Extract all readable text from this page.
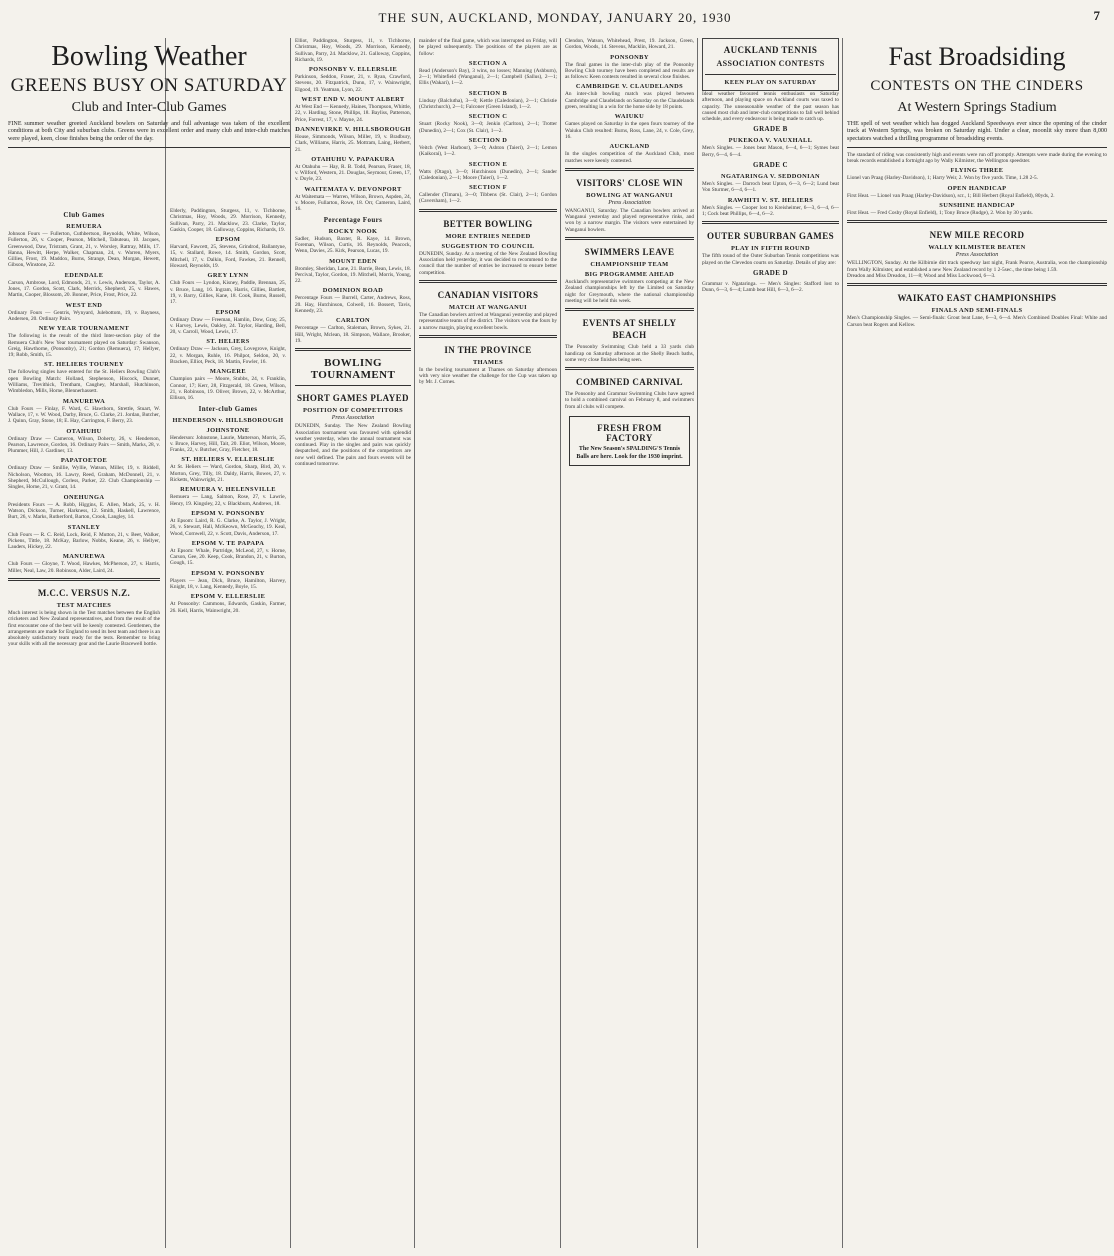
THE SUN, AUCKLAND, MONDAY, JANUARY 20, 1930	7
Bowling Weather
GREENS BUSY ON SATURDAY
Club and Inter-Club Games
FINE summer weather greeted Auckland bowlers on Saturday and full advantage was taken of the excellent conditions at both City and suburban clubs. Greens were in excellent order and many club and inter-club matches were played, keen, close finishes being the order of the day.
Club Games
REMUERA

Johnson Fours — Fullerton, Cuthbertson, Reynolds, White, Wilson, Fullerton, 26, v. Cooper, Pearson, Mitchell, Tabuteau, 10. Jacques, Greenwood, Daw, Tristram, Grant, 21, v. Worsley, Rattray, Mills, 17. Hanna, Hewitt, Herpe, Walker, Chapman, 24, v. Warren, Myers, Gillies, Frost, 19. Maddox, Burns, Strange, Dean, Morgan, Hewett, Gibson, Winstone, 22.

EDENDALE

Carson, Ambrose, Lord, Edmonds, 21, v. Lewis, Anderson, Taylor, A. Jones, 17. Gordon, Scott, Clark, Merrick, Shepherd, 25, v. Hawes, Martin, Cooper, Blossom, 20. Bonner, Price, Frost, Price, 22.

WEST END

Ordinary Fours — Gentris, Wynyard, Julebottom, 19, v. Bayness, Andersen, 20. Ordinary Pairs.

NEW YEAR TOURNAMENT

The following is the result of the third Inter-section play of the Remuera Club's New Year tournament played on Saturday: Swanson, Greig, Hawthorne, (Ponsonby), 21; Gordon (Remuera), 17; Hellyer, 19; Robb, Smith, 15.

ST. HELIERS TOURNEY

The following singles have entered for the St. Heliers Bowling Club's open Bowling Match: Holland, Stephenson, Hiscock, Dunnet, Williams, Trevithick, Trentham, Caughey, Marshall, Hutchinson, Wimbledon, Mills, Horne, Blennerhassett.

MANUREWA

Club Fours — Finlay, F. Ward, C. Hawthorn, Strettle, Stuart, W. Wallace, 17, v. W. Wood, Darby, Bruce, G. Clarke, 21. Jordan, Butcher, J. Quinn, Gray, Stone, 18; E. Hay, Carrington, F. Berry, 23.

OTAHUHU

Ordinary Draw — Cameron, Wilson, Doherty, 26, v. Henderson, Pearson, Lawrence, Gordon, 16. Ordinary Pairs — Smith, Marks, 28, v. Plummer, Hill, J. Gardiner, 13.

PAPATOETOE

Ordinary Draw — Smillie, Wyllie, Watson, Miller, 19, v. Riddell, Nicholson, Wootton, 16. Lawry, Reed, Graham, McDonnell, 21, v. Shepherd, McCullough, Corless, Parker, 22. Club Championship — Singles, Horne, 21, v. Grant, 14.

ONEHUNGA

Presidents Fours — A. Robb, Higgins, E. Allen, Mack, 25, v. H. Watson, Dickson, Turner, Harkness, 12. Smith, Haskell, Lawrence, Burt, 26, v. Marks, Rutherford, Barton, Crook, Langley, 14.

STANLEY

Club Fours — R. C. Reid, Lock, Reid, F. Mutton, 21, v. Beet, Walker, Pickens, Tittle, 18. McKay, Barlow, Nobbs, Keane, 26, v. Hellyer, Lauders, Hickey, 22.

MANUREWA

Club Fours — Gloyne, T. Wood, Hawkes, McPherson, 27, v. Harris, Miller, Neal, Law, 20. Robinson, Alder, Laird, 24.

M.C.C. VERSUS N.Z.
TEST MATCHES

Much interest is being shown in the Test matches between the English cricketers and New Zealand representatives, and from the result of the first encounter one of the best will be keenly contested. Gentlemen, the arrangements are made for England to send its best team and there is an absolutely satisfactory team ready for the tests. Remember to bring your skills with all the necessary gear and the Laurie Bracewell bottle.

Elderly, Paddington, Sturgess, 11, v. Tichborne, Christmas, Hoy, Woods, 29. Morrison, Kennedy, Sullivan, Parry, 21. Macklow, 23. Clarke, Taylor, Gaskin, Cooper, 18. Galloway, Coppins, Richards, 19.

EPSOM

Harvard, Fawcett, 25, Stevens, Grindrod, Ballantyne, 15, v. Stallard, Rowe, 14. Smith, Gordon, Scott, Mitchell, 17, v. Dalkin, Ford, Fawkes, 21. Rennell, Howard, Reynolds, 19.

GREY LYNN

Club Fours — Lyndon, Kisney, Paddle, Brennan, 25, v. Bruce, Lang, 16. Ingram, Harris, Gillies, Bartlett, 19, v. Barry, Gillies, Kane, 18. Cook, Burns, Russell, 17.

EPSOM

Ordinary Draw — Freeman, Hamlin, Dow, Gray, 25, v. Harvey, Lewis, Oakley, 24. Taylor, Harding, Bell, 20, v. Carroll, Wood, Lewis, 17.

ST. HELIERS

Ordinary Draw — Jackson, Grey, Lovegrove, Knight, 22, v. Morgan, Ruhle, 16. Philpot, Seldon, 20, v. Bracken, Elliot, Peck, 18. Martin, Fowler, 16.

MANGERE

Champion pairs — Moore, Stubbs, 24, v. Franklin, Connor, 17; Kerr, 28, Fitzgerald, 18. Green, Wilson, 21, v. Robinson, 19. Oliver, Brown, 22, v. McArthur, Ellison, 16.

Inter-club Games
HENDERSON v. HILLSBOROUGH
JOHNSTONE

Henderson: Johnstone, Laurie, Matterson, Morris, 25, v. Bruce, Harvey, Hill, Tait, 20. Eliot, Wilson, Moore, Franks, 22, v. Butcher, Gray, Fletcher, 18.

ST. HELIERS V. ELLERSLIE

At St. Heliers — Ward, Gordon, Sharp, Bird, 20, v. Morton, Grey, Tilly, 18. Daldy, Harris, Bowes, 27, v. Ricketts, Wainwright, 21.

REMUERA V. HELENSVILLE

Remuera — Lang, Salmon, Rose, 27, v. Lawrie, Henry, 19. Kingsley, 22, v. Blackburn, Andrews, 18.

EPSOM V. PONSONBY

At Epsom: Laird, R. G. Clarke, A. Taylor, J. Wright, 26, v. Stewart, Hall, McKeown, McGeachy, 19. Keal, Wood, Cornwell, 22, v. Scott, Davis, Anderson, 17.

EPSOM V. TE PAPAPA

At Epsom: Whale, Partridge, McLeod, 27, v. Horne, Carson, Gee, 20. Keep, Cook, Brandon, 21, v. Burton, Gough, 15.

EPSOM V. PONSONBY

Players — Jean, Dick, Bruce, Hamilton, Harvey, Knight, 18, v. Lang, Kennedy, Boyle, 15.

EPSOM V. ELLERSLIE

At Ponsonby: Cammons, Edwards, Gaskin, Farmer, 26. Kell, Harris, Wainwright, 20.

Elliot, Paddington, Sturgess, 11, v. Tichborne, Christmas, Hoy, Woods, 29. Morrison, Kennedy, Sullivan, Parry, 24. Macklow, 21. Galloway, Coppins, Richards, 19.

PONSONBY V. ELLERSLIE

Parkinson, Seddon, Fraser, 21, v. Ryan, Crawford, Stevens, 20. Fitzpatrick, Dunn, 17, v. Wainwright, Elgood, 19. Yeatman, Lyon, 22.

WEST END V. MOUNT ALBERT

At West End — Kennedy, Haines, Thompson, Whittle, 22, v. Harding, Stone, Phillips, 18. Bayliss, Patterson, Price, Forrest, 17, v. Mayne, 24.

DANNEVIRKE V. HILLSBOROUGH

House, Simmonds, Wilson, Miller, 19, v. Bradbury, Clark, Williams, Harris, 25. Mottram, Laing, Herbert, 21.

OTAHUHU V. PAPAKURA

At Otahuhu — Hay, R. B. Todd, Pearson, Fraser, 18, v. Wilford, Western, 21. Douglas, Seymour, Green, 17, v. Doyle, 23.

WAITEMATA V. DEVONPORT

At Waitemata — Warren, Wilson, Brown, Aspden, 24, v. Moore, Fullarton, Rowe, 18. Orr, Cameron, Laird, 16.

Percentage Fours
ROCKY NOOK

Sadler, Hudson, Baxter, R. Kaye, 14. Brown, Foreman, Wilson, Curtis, 16. Reynolds, Peacock, Wenn, Davies, 25. Kirk, Pearson, Lucas, 19.

MOUNT EDEN

Bromley, Sheridan, Lane, 21. Barrie, Bean, Lewis, 18. Percival, Taylor, Gordon, 19. Mitchell, Morris, Young, 22.

DOMINION ROAD

Percentage Fours — Burrell, Carter, Andrews, Ross, 20. Hay, Hutchinson, Colwell, 16. Bossert, Tavis, Kennedy, 23.

CARLTON

Percentage — Carlton, Staleman, Brown, Sykes, 21. Hill, Wright, Mclean, 18. Simpson, Wallace, Brooker, 19.

BOWLING TOURNAMENT
SHORT GAMES PLAYED
POSITION OF COMPETITORS
Press Association

DUNEDIN, Sunday. The New Zealand Bowling Association tournament was favoured with splendid weather yesterday, when the annual tournament was continued. Play in the singles and pairs was quickly despatched, and the positions of the competitors are now well defined. The pairs and fours events will be continued tomorrow.

mainder of the final game, which was interrupted on Friday, will be played subsequently. The positions of the players are as follow:

SECTION A

Read (Anderson's Bay), 3 wins, no losses; Manning (Ashburn), 2—1; Whitefield (Wanganui), 2—1; Campbell (Sallus), 2—1; Ellis (Wakari), 1—2.

SECTION B

Lindsay (Balclutha), 3—0; Kettle (Caledonian), 2—1; Christie (Christchurch), 2—1; Falconer (Green Island), 1—2.

SECTION C

Stuart (Rocky Nook), 3—0; Jenkin (Carlton), 2—1; Trotter (Dunedin), 2—1; Cox (St. Clair), 1—2.

SECTION D

Veitch (West Harbour), 3—0; Ashton (Taieri), 2—1; Lemon (Kaikorai), 1—2.

SECTION E

Watts (Otago), 3—0; Hutchinson (Dunedin), 2—1; Sander (Caledonian), 2—1; Moore (Taieri), 1—2.

SECTION F

Callender (Timaru), 3—0; Tibbens (St. Clair), 2—1; Gordon (Caversham), 1—2.

BETTER BOWLING
MORE ENTRIES NEEDED
SUGGESTION TO COUNCIL

DUNEDIN, Sunday. At a meeting of the New Zealand Bowling Association held yesterday, it was decided to recommend to the council that the number of entries be increased to ensure better competition.

CANADIAN VISITORS
MATCH AT WANGANUI

The Canadian bowlers arrived at Wanganui yesterday and played representative teams of the district. The visitors won the fours by a narrow margin, playing excellent bowls.

IN THE PROVINCE
THAMES

In the bowling tournament at Thames on Saturday afternoon with very nice weather the challenge for the Cup was taken up by Mr. J. Cornes.

Clendon, Watson, Whitehead, Prest, 19. Jackson, Green, Gordon, Woods, 14. Stevens, Macklin, Howard, 21.

PONSONBY

The final games in the inter-club play of the Ponsonby Bowling Club tourney have been completed and results are as follows: Keen contests resulted in several close finishes.

CAMBRIDGE V. CLAUDELANDS

An inter-club bowling match was played between Cambridge and Claudelands on Saturday on the Claudelands green, resulting in a win for the home side by 18 points.

WAIUKU

Games played on Saturday in the open fours tourney of the Waiuku Club resulted: Burns, Ross, Lane, 24, v. Cole, Grey, 16.

AUCKLAND

In the singles competition of the Auckland Club, most matches were keenly contested.

VISITORS' CLOSE WIN
BOWLING AT WANGANUI
Press Association

WANGANUI, Saturday. The Canadian bowlers arrived at Wanganui yesterday and played representative rinks, and won by a narrow margin. The visitors were entertained by Wanganui bowlers.

SWIMMERS LEAVE
CHAMPIONSHIP TEAM
BIG PROGRAMME AHEAD

Auckland's representative swimmers competing at the New Zealand championships left by the Limited on Saturday night for Greymouth, where the national championship meeting will be held this week.

EVENTS AT SHELLY BEACH

The Ponsonby Swimming Club held a 33 yards club handicap on Saturday afternoon at the Shelly Beach baths, some very close finishes being seen.

COMBINED CARNIVAL

The Ponsonby and Grammar Swimming Clubs have agreed to hold a combined carnival on February 8, and swimmers from all clubs will compete.

FRESH FROM FACTORY
The New Season's SPALDING'S Tennis Balls are here. Look for the 1930 imprint.
AUCKLAND TENNIS
ASSOCIATION CONTESTS
KEEN PLAY ON SATURDAY

Ideal weather favoured tennis enthusiasts on Saturday afternoon, and playing space on Auckland courts was taxed to capacity. The unseasonable weather of the past season has caused most club and inter-club competitions to fall well behind schedule, and every endeavour is being made to catch up.

GRADE B
PUKEKOA V. VAUXHALL

Men's Singles. — Jones beat Mason, 6—4, 6—1; Symes beat Berry, 6—4, 6—4.

GRADE C
NGATARINGA V. SEDDONIAN

Men's Singles. — Darroch beat Upton, 6—3, 6—2; Lund beat Von Sturmer, 6—4, 6—1.

RAWHITI V. ST. HELIERS

Men's Singles. — Cooper lost to Kreisheimer, 6—3, 6—4, 6—1; Cock beat Phillips, 6—4, 6—2.

OUTER SUBURBAN GAMES
PLAY IN FIFTH ROUND

The fifth round of the Outer Suburban Tennis competitions was played on the Clevedon courts on Saturday. Details of play are:

GRADE D

Grammar v. Ngataringa. — Men's Singles: Stafford lost to Dunn, 6—3, 6—4; Lamb beat Hill, 6—3, 6—2.

Fast Broadsiding
CONTESTS ON THE CINDERS
At Western Springs Stadium
THE spell of wet weather which has dogged Auckland Speedways ever since the opening of the cinder track at Western Springs, was broken on Saturday night. Under a clear, moonlit sky more than 8,000 spectators watched a thrilling programme of broadsiding events.

The standard of riding was consistently high and events were run off promptly. Attempts were made during the evening to break records established a fortnight ago by Wally Kilmister, the Wellington speedster.

FLYING THREE

Lionel van Praag (Harley-Davidson), 1; Harry Weir, 2. Won by five yards. Time, 1.28 2-5.

OPEN HANDICAP

First Heat. — Lionel van Praag (Harley-Davidson), scr., 1; Bill Herbert (Royal Enfield), 80yds, 2.

SUNSHINE HANDICAP

First Heat. — Fred Cosby (Royal Enfield), 1; Tony Bruce (Rudge), 2. Won by 30 yards.

NEW MILE RECORD
WALLY KILMISTER BEATEN
Press Association

WELLINGTON, Sunday. At the Kilbirnie dirt track speedway last night, Frank Pearce, Australia, won the championship from Wally Kilmister, and established a new New Zealand record by 1 2-5sec., the time being 1.59.

Dreadon and Miss Dreadon, 11—8; Wood and Miss Lockwood, 6—3.

WAIKATO EAST CHAMPIONSHIPS
FINALS AND SEMI-FINALS

Men's Championship Singles. — Semi-finals: Grout beat Lane, 6—3, 6—4. Men's Combined Doubles Final: White and Carson beat Rogers and Kellow.
